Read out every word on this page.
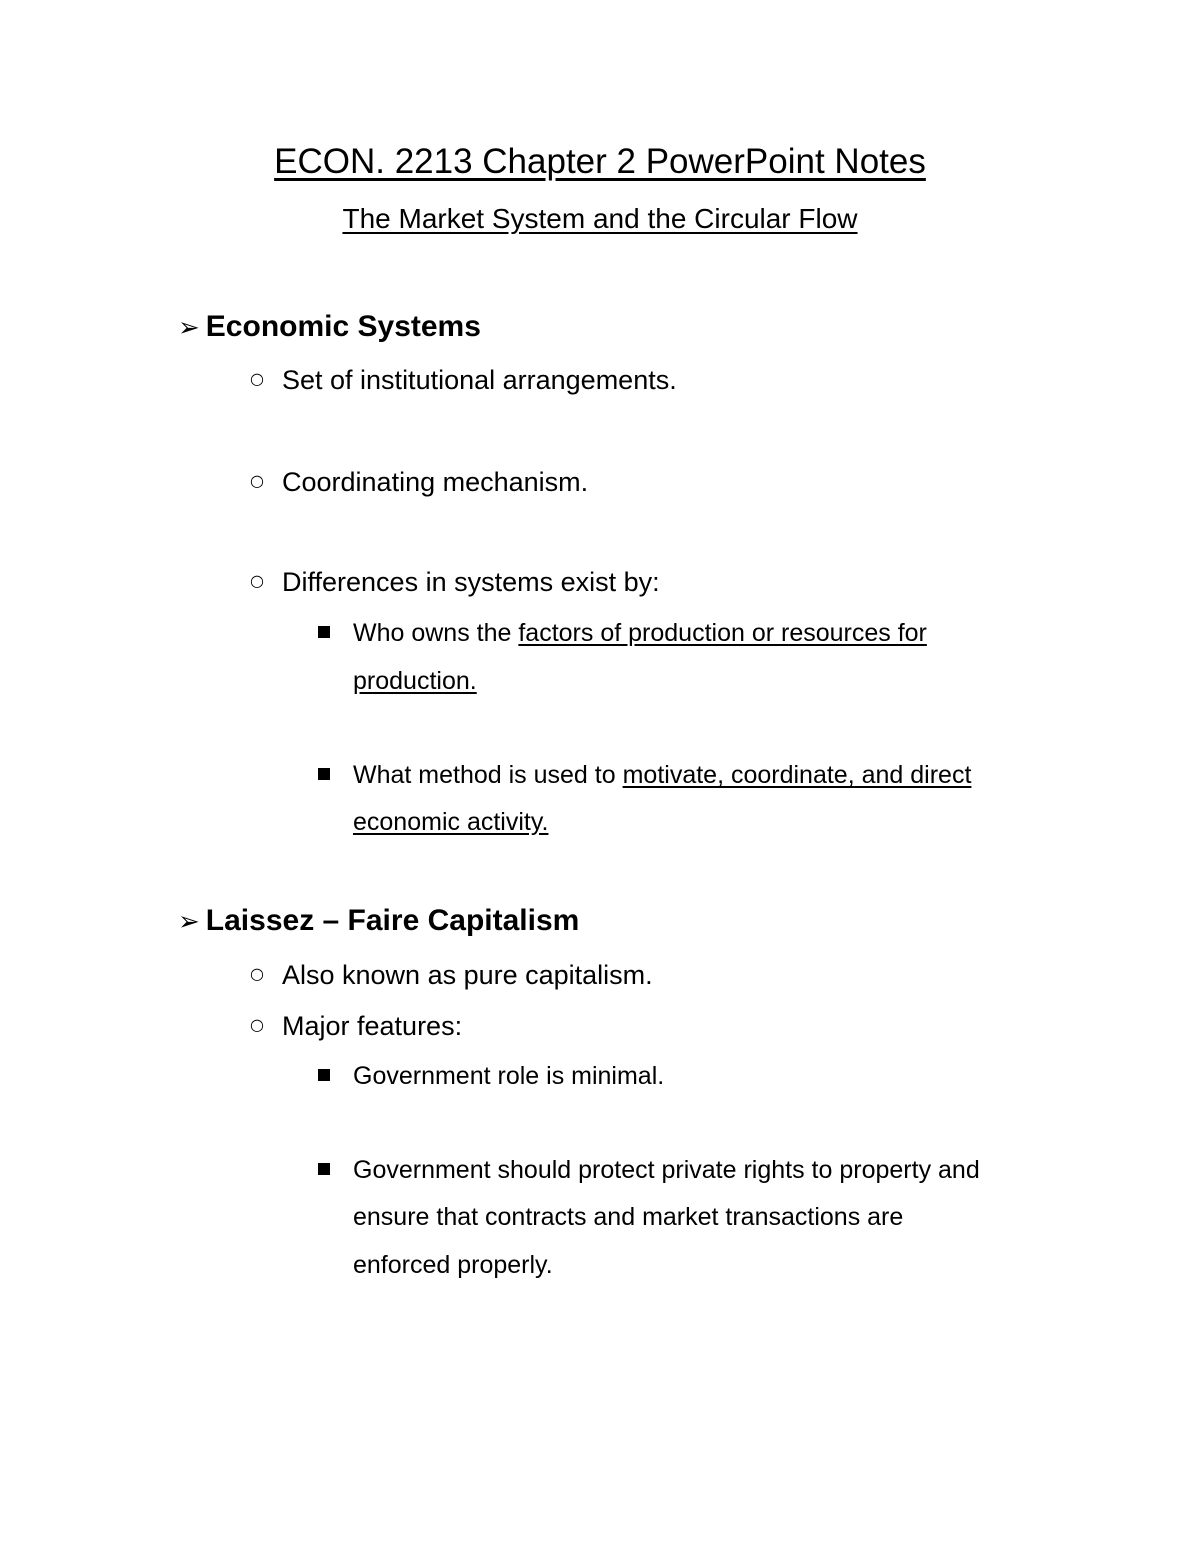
ECON. 2213 Chapter 2 PowerPoint Notes
The Market System and the Circular Flow
➢ Economic Systems
○ Set of institutional arrangements.
○ Coordinating mechanism.
○ Differences in systems exist by:
Who owns the factors of production or resources for
production.
What method is used to motivate, coordinate, and direct
economic activity.
➢ Laissez – Faire Capitalism
○ Also known as pure capitalism.
○ Major features:
Government role is minimal.
Government should protect private rights to property and
ensure that contracts and market transactions are
enforced properly.
